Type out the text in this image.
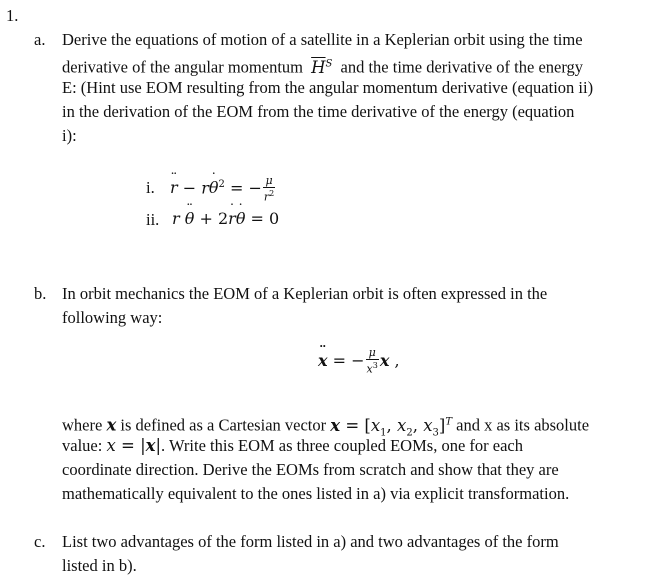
1.
a. Derive the equations of motion of a satellite in a Keplerian orbit using the time
derivative of the angular momentum $\overline{H}^S$ and the time derivative of the energy
E: (Hint use EOM resulting from the angular momentum derivative (equation ii)
in the derivation of the EOM from the time derivative of the energy (equation
i):
i. ¨ r − r˙ $\theta^2$ = − $\frac{\mu}{r^2}$
ii. r ¨ θ + 2˙ r˙ θ = 0
b. In orbit mechanics the EOM of a Keplerian orbit is often expressed in the
following way:
¨ x = − $\frac{\mu}{x^3}$ x ,
where x is defined as a Cartesian vector $x = [x_1$, $x_2$, $x_3]^T$ and x as its absolute
value: x = |x|. Write this EOM as three coupled EOMs, one for each
coordinate direction. Derive the EOMs from scratch and show that they are
mathematically equivalent to the ones listed in a) via explicit transformation.
c. List two advantages of the form listed in a) and two advantages of the form
listed in b).
